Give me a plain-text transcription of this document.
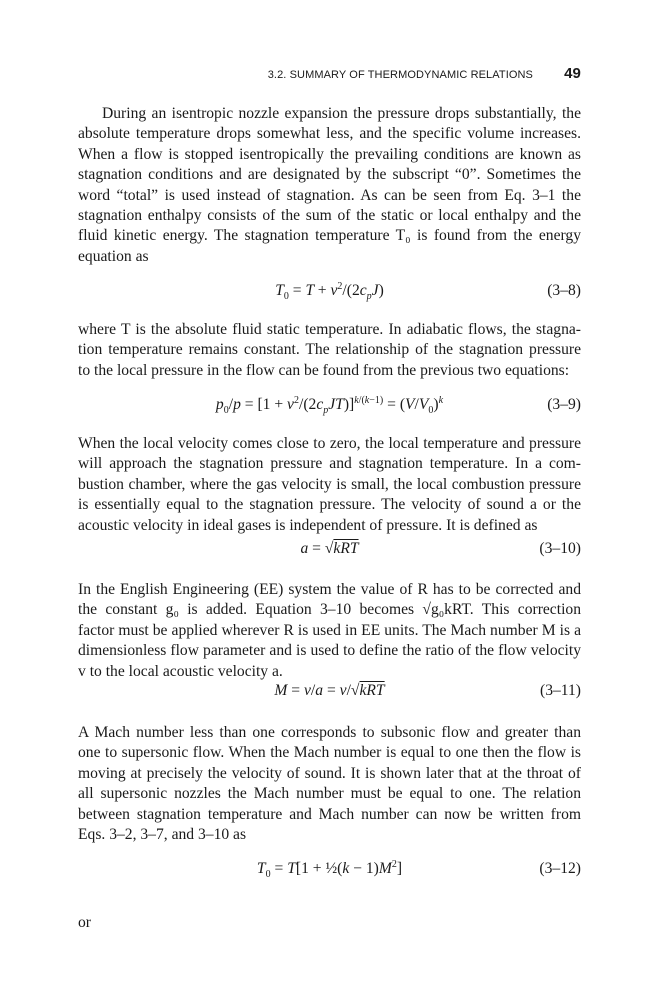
3.2. SUMMARY OF THERMODYNAMIC RELATIONS 49
During an isentropic nozzle expansion the pressure drops substantially, the
absolute temperature drops somewhat less, and the specific volume increases.
When a flow is stopped isentropically the prevailing conditions are known as
stagnation conditions and are designated by the subscript “0”. Sometimes the
word “total” is used instead of stagnation. As can be seen from Eq. 3–1 the
stagnation enthalpy consists of the sum of the static or local enthalpy and the
fluid kinetic energy. The stagnation temperature T₀ is found from the energy
equation as
$T_0 = T + v^2/(2c_pJ)$	(3–8)
where T is the absolute fluid static temperature. In adiabatic flows, the stagna-
tion temperature remains constant. The relationship of the stagnation pressure
to the local pressure in the flow can be found from the previous two equations:
$p_0/p = [1 + v^2/(2c_pJT)]^{k/(k-1)} = (V/V_0)^k$	(3–9)
When the local velocity comes close to zero, the local temperature and pressure
will approach the stagnation pressure and stagnation temperature. In a com-
bustion chamber, where the gas velocity is small, the local combustion pressure
is essentially equal to the stagnation pressure. The velocity of sound a or the
acoustic velocity in ideal gases is independent of pressure. It is defined as
a = √kRT	(3–10)
In the English Engineering (EE) system the value of R has to be corrected and
the constant g₀ is added. Equation 3–10 becomes √g₀kRT. This correction
factor must be applied wherever R is used in EE units. The Mach number M is a
dimensionless flow parameter and is used to define the ratio of the flow velocity
v to the local acoustic velocity a.
M = v/a = v/√kRT	(3–11)
A Mach number less than one corresponds to subsonic flow and greater than
one to supersonic flow. When the Mach number is equal to one then the flow is
moving at precisely the velocity of sound. It is shown later that at the throat of
all supersonic nozzles the Mach number must be equal to one. The relation
between stagnation temperature and Mach number can now be written from
Eqs. 3–2, 3–7, and 3–10 as
$T_0 = T[1$ + ½(k − $1)M^2$]	(3–12)
or
